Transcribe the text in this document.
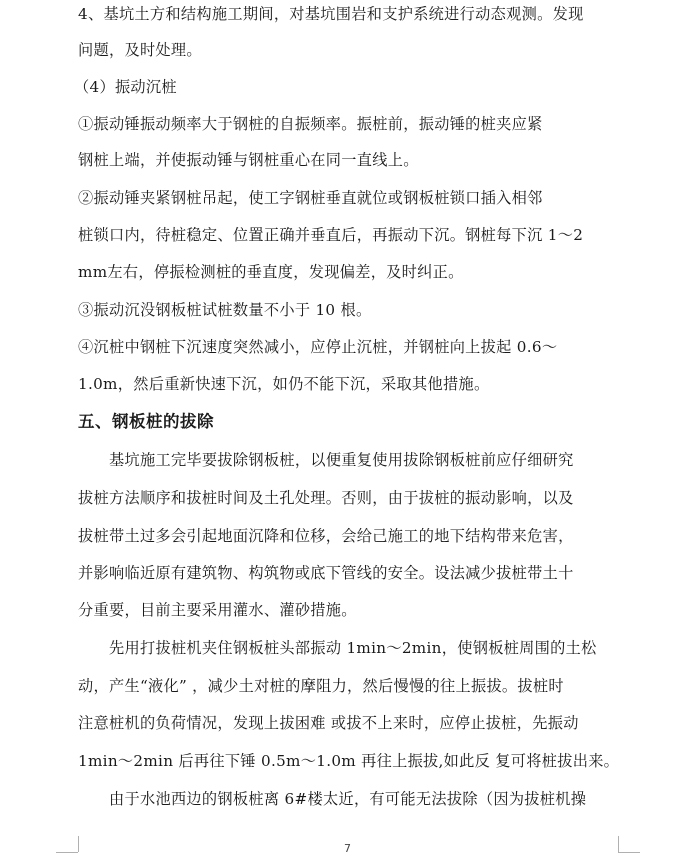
4、基坑土方和结构施工期间，对基坑围岩和支护系统进行动态观测。发现
问题，及时处理。
（4）振动沉桩
①振动锤振动频率大于钢桩的自振频率。振桩前，振动锤的桩夹应紧
钢桩上端，并使振动锤与钢桩重心在同一直线上。
②振动锤夹紧钢桩吊起，使工字钢桩垂直就位或钢板桩锁口插入相邻
桩锁口内，待桩稳定、位置正确并垂直后，再振动下沉。钢桩每下沉 1～2
mm左右，停振检测桩的垂直度，发现偏差，及时纠正。
③振动沉没钢板桩试桩数量不小于 10 根。
④沉桩中钢桩下沉速度突然减小，应停止沉桩，并钢桩向上拔起 0.6～
1.0m，然后重新快速下沉，如仍不能下沉，采取其他措施。
五、钢板桩的拔除
基坑施工完毕要拔除钢板桩，以便重复使用拔除钢板桩前应仔细研究
拔桩方法顺序和拔桩时间及土孔处理。否则，由于拔桩的振动影响，以及
拔桩带土过多会引起地面沉降和位移，会给己施工的地下结构带来危害，
并影响临近原有建筑物、构筑物或底下管线的安全。设法减少拔桩带土十
分重要，目前主要采用灌水、灌砂措施。
先用打拔桩机夹住钢板桩头部振动 1min～2min，使钢板桩周围的土松
动，产生“液化” ，减少土对桩的摩阻力，然后慢慢的往上振拔。拔桩时
注意桩机的负荷情况，发现上拔困难 或拔不上来时，应停止拔桩，先振动
1min～2min 后再往下锤 0.5m～1.0m 再往上振拔,如此反 复可将桩拔出来。
由于水池西边的钢板桩离 6#楼太近，有可能无法拔除（因为拔桩机操
7
